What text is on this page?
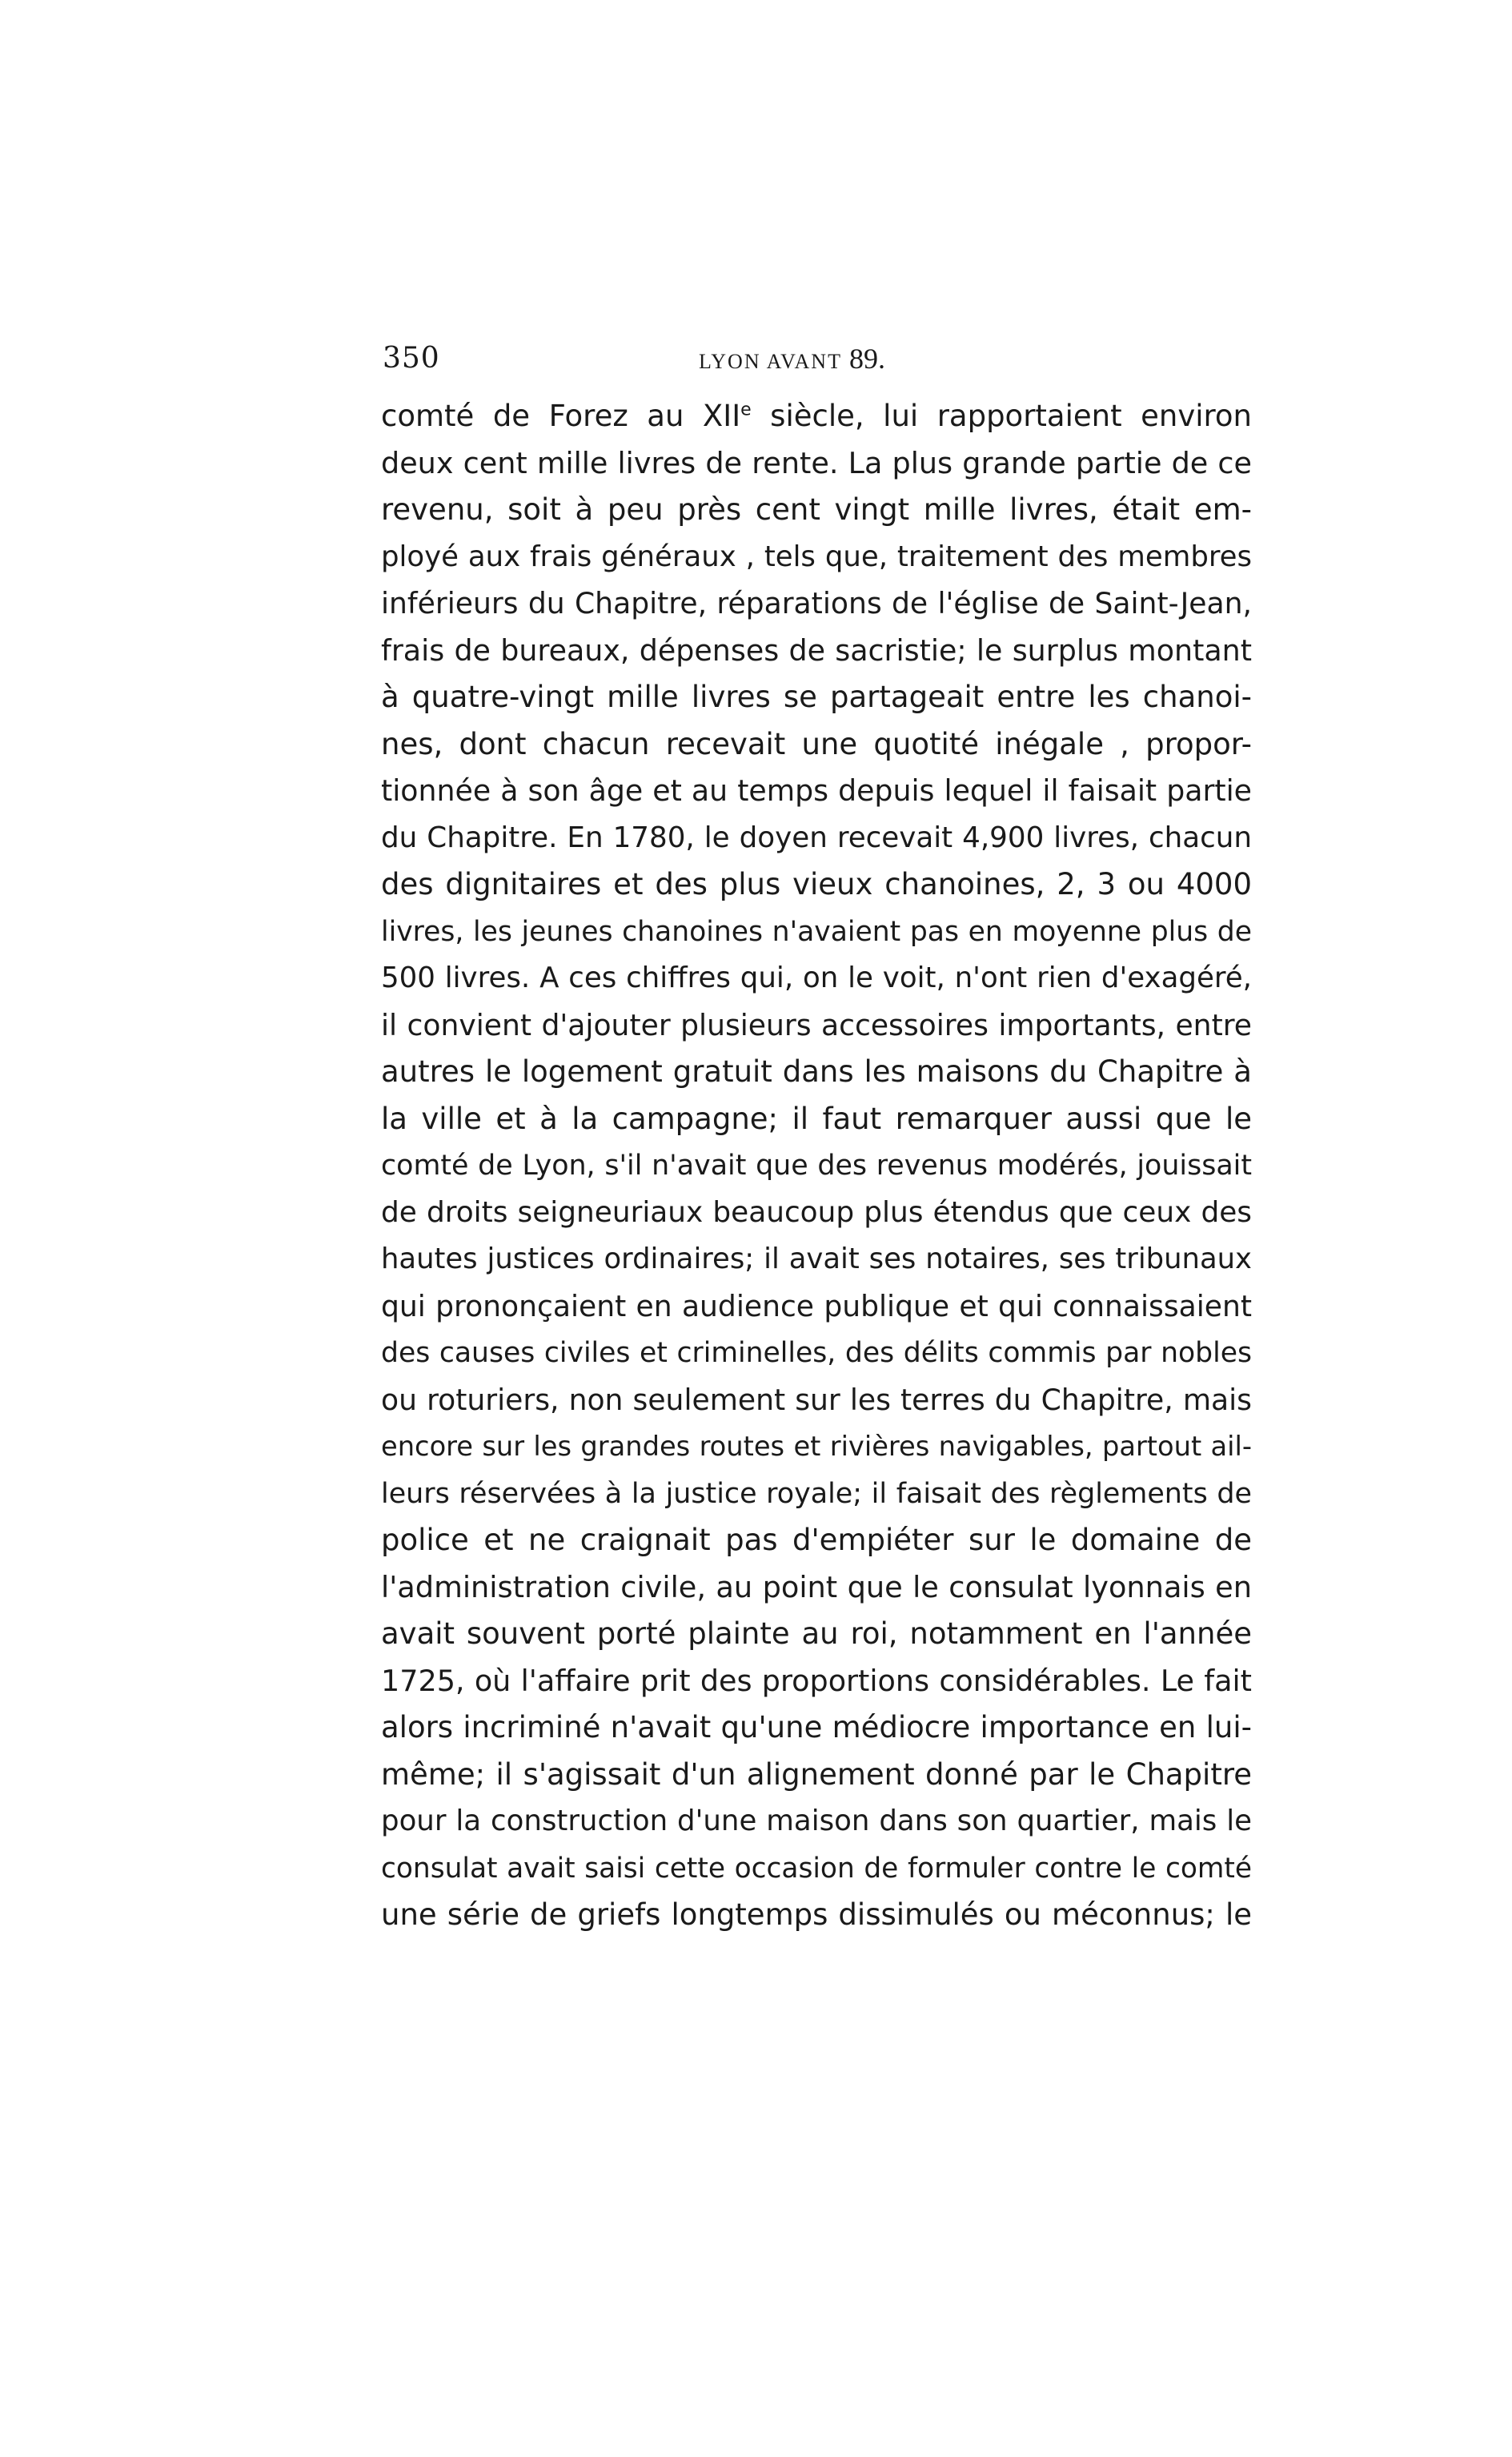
350	LYON AVANT 89.
comté de Forez au XIIe siècle, lui rapportaient environ
deux cent mille livres de rente. La plus grande partie de ce
revenu, soit à peu près cent vingt mille livres, était em-
ployé aux frais généraux , tels que, traitement des membres
inférieurs du Chapitre, réparations de l'église de Saint-Jean,
frais de bureaux, dépenses de sacristie; le surplus montant
à quatre-vingt mille livres se partageait entre les chanoi-
nes, dont chacun recevait une quotité inégale , propor-
tionnée à son âge et au temps depuis lequel il faisait partie
du Chapitre. En 1780, le doyen recevait 4,900 livres, chacun
des dignitaires et des plus vieux chanoines, 2, 3 ou 4000
livres, les jeunes chanoines n'avaient pas en moyenne plus de
500 livres. A ces chiffres qui, on le voit, n'ont rien d'exagéré,
il convient d'ajouter plusieurs accessoires importants, entre
autres le logement gratuit dans les maisons du Chapitre à
la ville et à la campagne; il faut remarquer aussi que le
comté de Lyon, s'il n'avait que des revenus modérés, jouissait
de droits seigneuriaux beaucoup plus étendus que ceux des
hautes justices ordinaires; il avait ses notaires, ses tribunaux
qui prononçaient en audience publique et qui connaissaient
des causes civiles et criminelles, des délits commis par nobles
ou roturiers, non seulement sur les terres du Chapitre, mais
encore sur les grandes routes et rivières navigables, partout ail-
leurs réservées à la justice royale; il faisait des règlements de
police et ne craignait pas d'empiéter sur le domaine de
l'administration civile, au point que le consulat lyonnais en
avait souvent porté plainte au roi, notamment en l'année
1725, où l'affaire prit des proportions considérables. Le fait
alors incriminé n'avait qu'une médiocre importance en lui-
même; il s'agissait d'un alignement donné par le Chapitre
pour la construction d'une maison dans son quartier, mais le
consulat avait saisi cette occasion de formuler contre le comté
une série de griefs longtemps dissimulés ou méconnus; le
